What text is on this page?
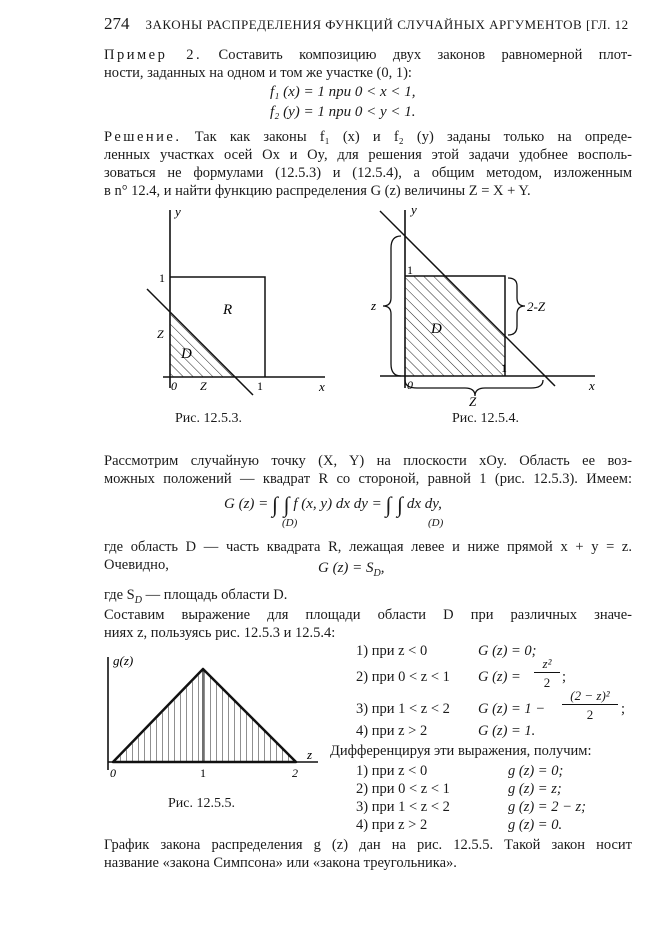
274 ЗАКОНЫ РАСПРЕДЕЛЕНИЯ ФУНКЦИЙ СЛУЧАЙНЫХ АРГУМЕНТОВ [ГЛ. 12
Пример 2. Составить композицию двух законов равномерной плот-
ности, заданных на одном и том же участке (0, 1):
f₁ (x) = 1 при 0 < x < 1,
f₂ (y) = 1 при 0 < y < 1.
Решение. Так как законы f₁ (x) и f₂ (y) заданы только на опреде-
ленных участках осей Ox и Oy, для решения этой задачи удобнее восполь-
зоваться не формулами (12.5.3) и (12.5.4), а общим методом, изложенным
в n° 12.4, и найти функцию распределения G (z) величины Z = X + Y.
y
x
1
Z
R
D
0 Z	1
Рис. 12.5.3.
y
x
1
z	2-Z
D
0
1
Z
Рис. 12.5.4.
Рассмотрим случайную точку (X, Y) на плоскости xOy. Область ее воз-
можных положений — квадрат R со стороной, равной 1 (рис. 12.5.3). Имеем:
G (z) = ∫ ∫ f (x, y) dx dy = ∫ ∫ dx dy,
(D)	(D)
где область D — часть квадрата R, лежащая левее и ниже прямой x + y = z.
Очевидно,	G $(z) = S_D$,
где $S_D$ — площадь области D.
Составим выражение для площади области D при различных значе-
ниях z, пользуясь рис. 12.5.3 и 12.5.4:
g(z)
z
0	1	2
Рис. 12.5.5.
1) при z < 0	G (z) = 0;
2) при 0 < z < 1 G (z) =
z²
2 ;
3) при 1 < z < 2 G (z) = 1 −
(2 − z)²
2	;
4) при z > 2	G (z) = 1.
Дифференцируя эти выражения, получим:
1) при z < 0	g (z) = 0;
2) при 0 < z < 1	g (z) = z;
3) при 1 < z < 2	g (z) = 2 − z;
4) при z > 2	g (z) = 0.
График закона распределения g (z) дан на рис. 12.5.5. Такой закон носит
название «закона Симпсона» или «закона треугольника».
